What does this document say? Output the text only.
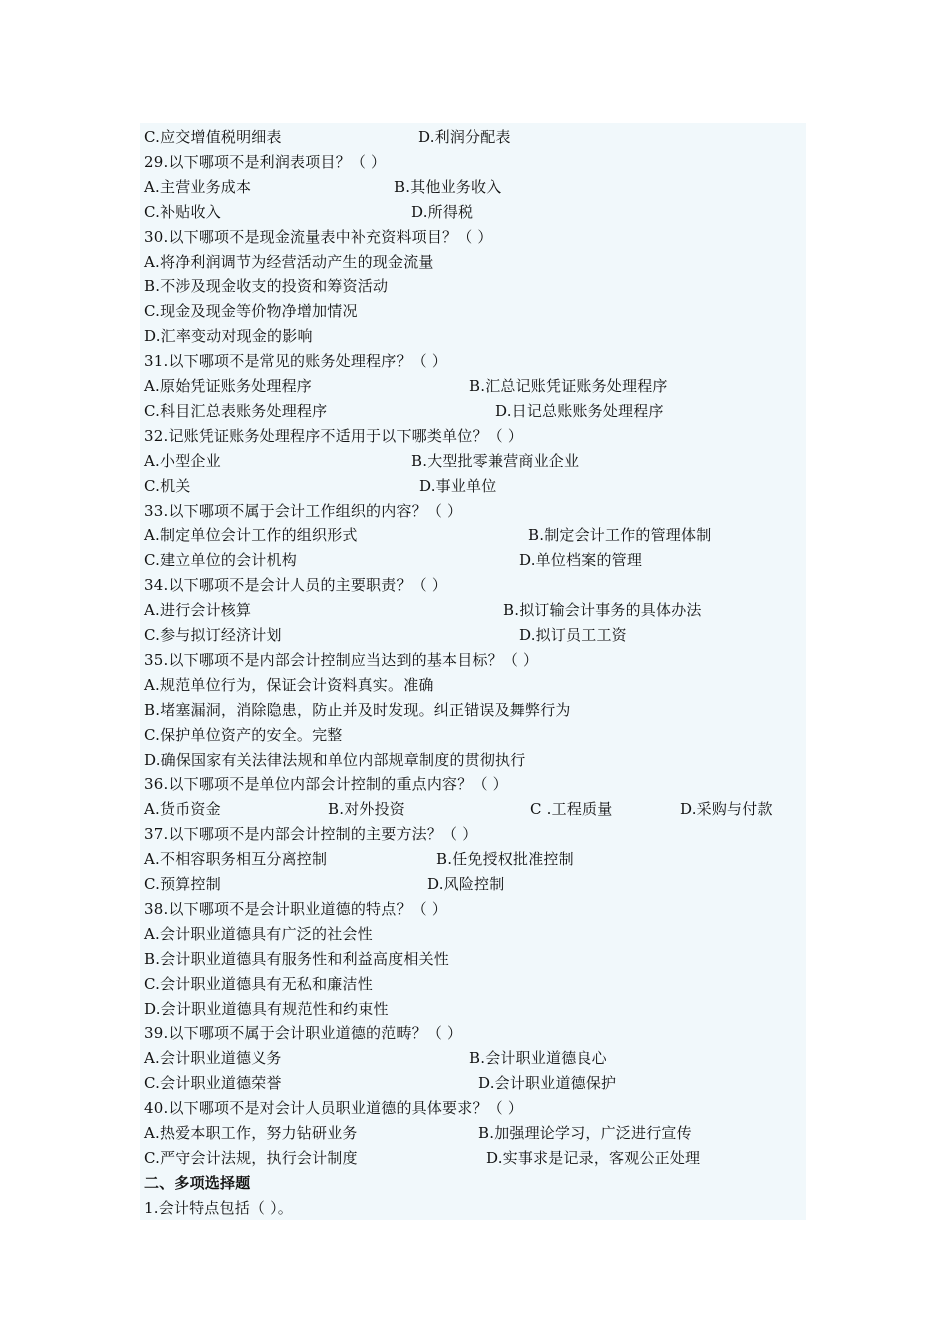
C.应交增值税明细表	D.利润分配表
29.以下哪项不是利润表项目？（ ）
A.主营业务成本	B.其他业务收入
C.补贴收入	D.所得税
30.以下哪项不是现金流量表中补充资料项目？（ ）
A.将净利润调节为经营活动产生的现金流量
B.不涉及现金收支的投资和筹资活动
C.现金及现金等价物净增加情况
D.汇率变动对现金的影响
31.以下哪项不是常见的账务处理程序？（ ）
A.原始凭证账务处理程序	B.汇总记账凭证账务处理程序
C.科目汇总表账务处理程序	D.日记总账账务处理程序
32.记账凭证账务处理程序不适用于以下哪类单位？（ ）
A.小型企业	B.大型批零兼营商业企业
C.机关	D.事业单位
33.以下哪项不属于会计工作组织的内容？（ ）
A.制定单位会计工作的组织形式	B.制定会计工作的管理体制
C.建立单位的会计机构	D.单位档案的管理
34.以下哪项不是会计人员的主要职责？（ ）
A.进行会计核算	B.拟订输会计事务的具体办法
C.参与拟订经济计划	D.拟订员工工资
35.以下哪项不是内部会计控制应当达到的基本目标？（ ）
A.规范单位行为，保证会计资料真实。准确
B.堵塞漏洞，消除隐患，防止并及时发现。纠正错误及舞弊行为
C.保护单位资产的安全。完整
D.确保国家有关法律法规和单位内部规章制度的贯彻执行
36.以下哪项不是单位内部会计控制的重点内容？（ ）
A.货币资金	B.对外投资	C .工程质量	D.采购与付款
37.以下哪项不是内部会计控制的主要方法？（ ）
A.不相容职务相互分离控制	B.任免授权批准控制
C.预算控制	D.风险控制
38.以下哪项不是会计职业道德的特点？（ ）
A.会计职业道德具有广泛的社会性
B.会计职业道德具有服务性和利益高度相关性
C.会计职业道德具有无私和廉洁性
D.会计职业道德具有规范性和约束性
39.以下哪项不属于会计职业道德的范畴？（ ）
A.会计职业道德义务	B.会计职业道德良心
C.会计职业道德荣誉	D.会计职业道德保护
40.以下哪项不是对会计人员职业道德的具体要求？（ ）
A.热爱本职工作，努力钻研业务	B.加强理论学习，广泛进行宣传
C.严守会计法规，执行会计制度	D.实事求是记录，客观公正处理
二、多项选择题
1.会计特点包括（ ）。
